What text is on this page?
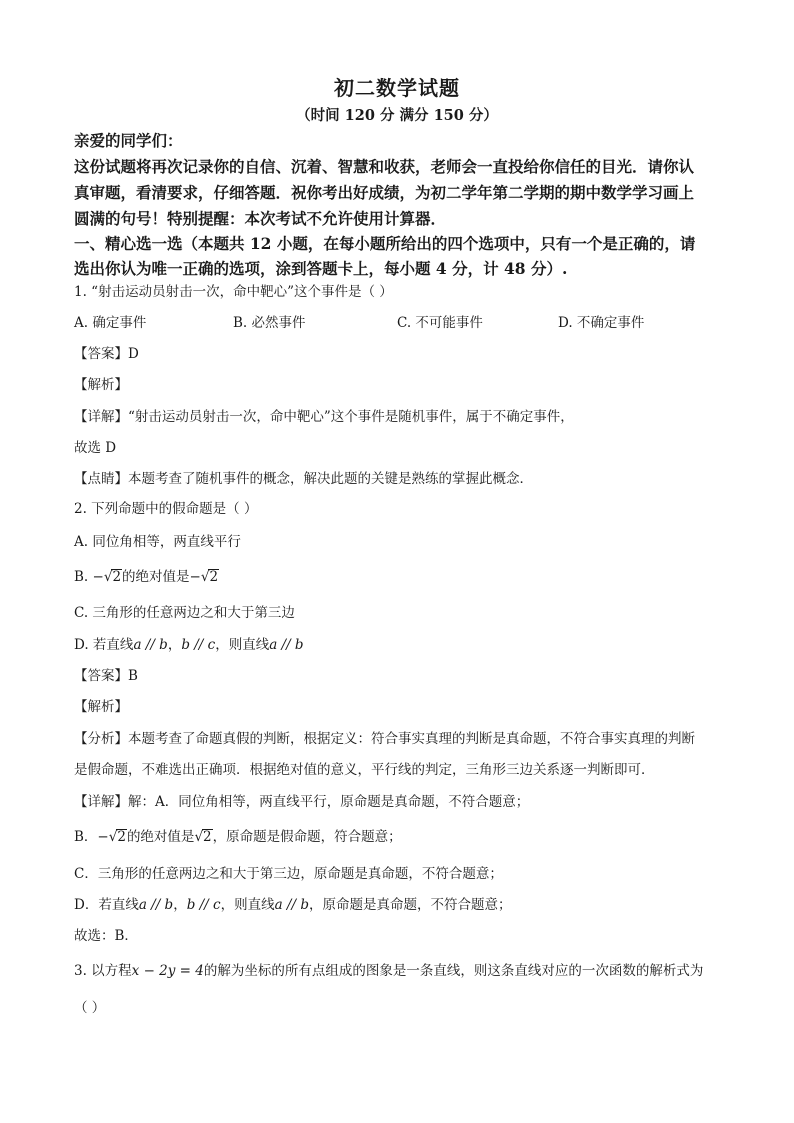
初二数学试题
（时间 120 分 满分 150 分）
亲爱的同学们：
这份试题将再次记录你的自信、沉着、智慧和收获，老师会一直投给你信任的目光．请你认
真审题，看清要求，仔细答题．祝你考出好成绩，为初二学年第二学期的期中数学学习画上
圆满的句号！特别提醒：本次考试不允许使用计算器．
一、精心选一选（本题共 12 小题，在每小题所给出的四个选项中，只有一个是正确的，请
选出你认为唯一正确的选项，涂到答题卡上，每小题 4 分，计 48 分）.
1. “射击运动员射击一次，命中靶心”这个事件是（ ）
A. 确定事件	B. 必然事件	C. 不可能事件	D. 不确定事件
【答案】D
【解析】
【详解】“射击运动员射击一次，命中靶心”这个事件是随机事件，属于不确定事件，
故选 D
【点睛】本题考查了随机事件的概念，解决此题的关键是熟练的掌握此概念．
2. 下列命题中的假命题是（ ）
A. 同位角相等，两直线平行
B. −√2的绝对值是−√2
C. 三角形的任意两边之和大于第三边
D. 若直线a // b，b // c，则直线a // b
【答案】B
【解析】
【分析】本题考查了命题真假的判断，根据定义：符合事实真理的判断是真命题，不符合事实真理的判断
是假命题，不难选出正确项．根据绝对值的意义，平行线的判定，三角形三边关系逐一判断即可．
【详解】解：A．同位角相等，两直线平行，原命题是真命题，不符合题意；
B．−√2的绝对值是√2，原命题是假命题，符合题意；
C．三角形的任意两边之和大于第三边，原命题是真命题，不符合题意；
D．若直线a // b，b // c，则直线a // b，原命题是真命题，不符合题意；
故选：B．
3. 以方程x − 2y = 4的解为坐标的所有点组成的图象是一条直线，则这条直线对应的一次函数的解析式为
（ ）
